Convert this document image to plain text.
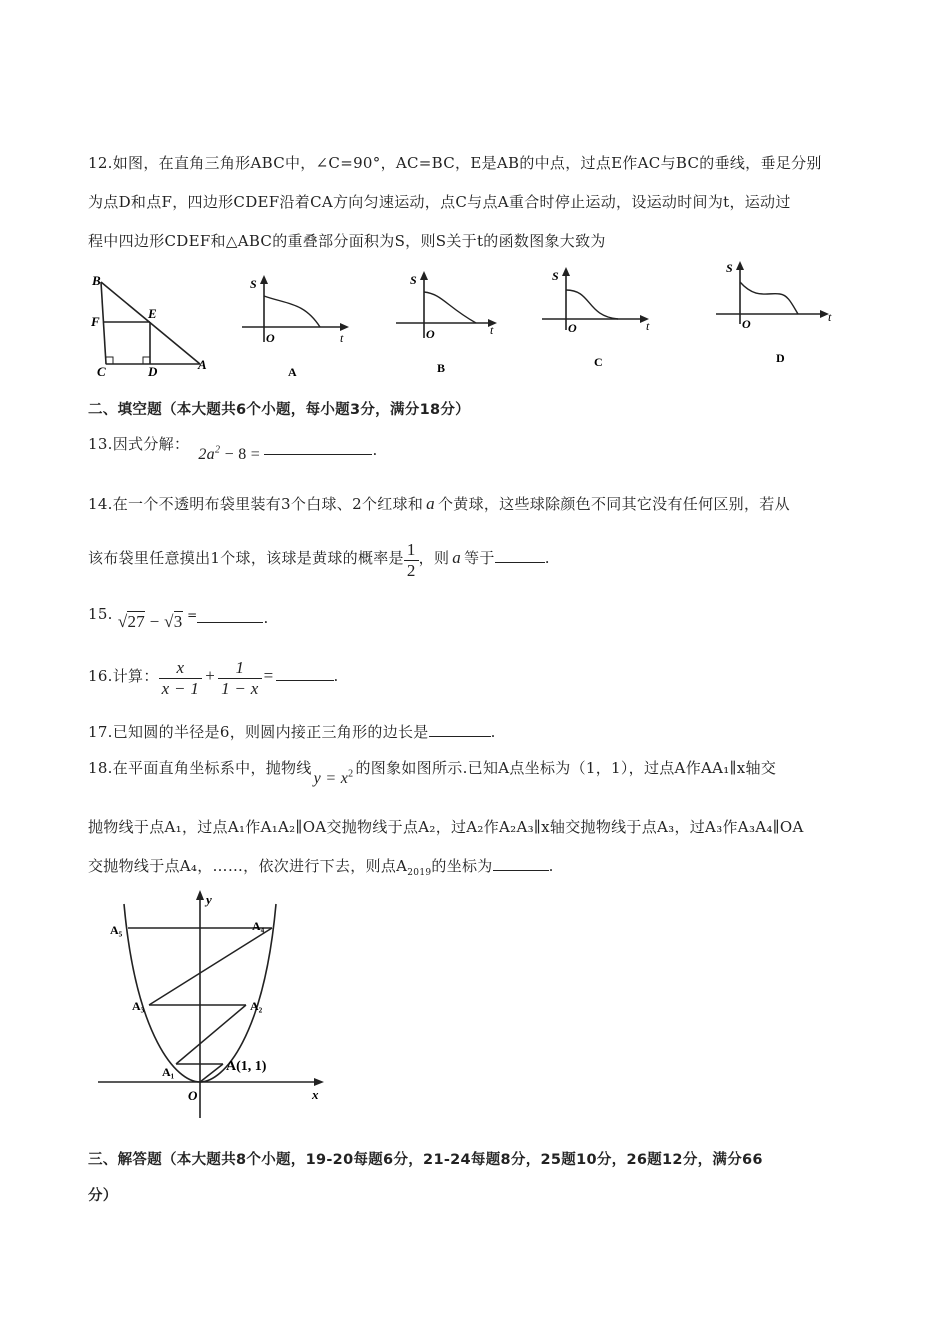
12.如图，在直角三角形ABC中，∠C=90°，AC=BC，E是AB的中点，过点E作AC与BC的垂线，垂足分别
为点D和点F，四边形CDEF沿着CA方向匀速运动，点C与点A重合时停止运动，设运动时间为t，运动过
程中四边形CDEF和△ABC的重叠部分面积为S，则S关于t的函数图象大致为
B
F
E
C	D	A
S
O	t
A
S
O	t
B
S
O	t
C
S
O	t
D
二、填空题（本大题共6个小题，每小题3分，满分18分）
13.因式分解： $2a^2 - 8$ =	.
14.在一个不透明布袋里装有3个白球、2个红球和 a 个黄球，这些球除颜色不同其它没有任何区别，若从
该布袋里任意摸出1个球，该球是黄球的概率是 $\frac{1}{2}$ ，则 a 等于	.
15. √27 − √3 =	.
16.计算： $\frac{x}{x - 1} + \frac{1}{1 - x}$ =	.
17.已知圆的半径是6，则圆内接正三角形的边长是	.
18.在平面直角坐标系中，抛物线$y = x^2$ 的图象如图所示.已知A点坐标为（1，1），过点A作AA₁∥x轴交
抛物线于点A₁，过点A₁作A₁A₂∥OA交抛物线于点A₂，过A₂作A₂A₃∥x轴交抛物线于点A₃，过A₃作A₃A₄∥OA
交抛物线于点A₄，……，依次进行下去，则点$A_{2019}$的坐标为	.
y
x
O
A₁	A(1, 1)
A₂
A₃
A₄
A₅
三、解答题（本大题共8个小题，19-20每题6分，21-24每题8分，25题10分，26题12分，满分66
分）
